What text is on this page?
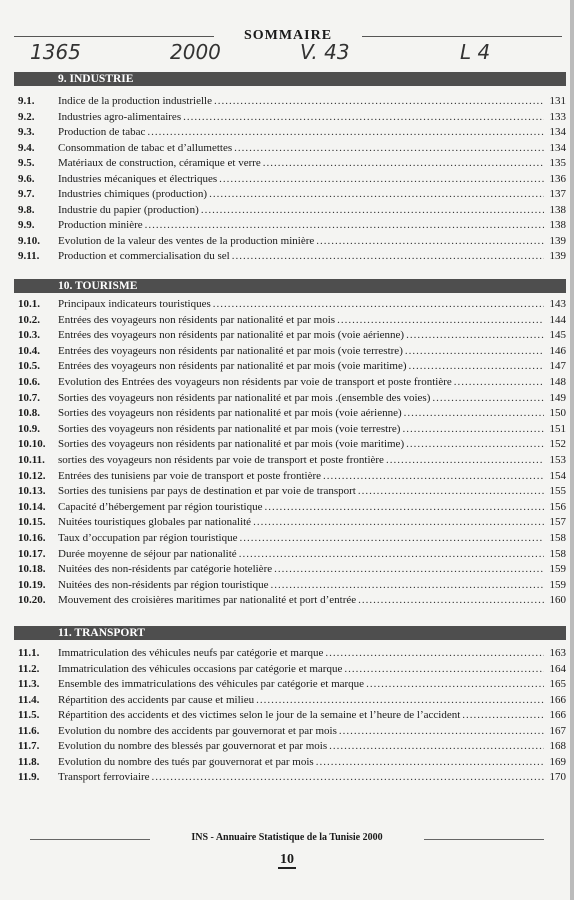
SOMMAIRE
1365	2000	V. 43	L 4
9. INDUSTRIE
9.1. Indice de la production industrielle .....	131
9.2. Industries agro-alimentaires .....	133
9.3. Production de tabac .....	134
9.4. Consommation de tabac et d’allumettes .....	134
9.5. Matériaux de construction, céramique et verre .....	135
9.6. Industries mécaniques et électriques .....	136
9.7. Industries chimiques (production) .....	137
9.8. Industrie du papier (production) .....	138
9.9. Production minière .....	138
9.10. Evolution de la valeur des ventes de la production minière .....	139
9.11. Production et commercialisation du sel .....	139
10. TOURISME
10.1. Principaux indicateurs touristiques .....	143
10.2. Entrées des voyageurs non résidents par nationalité et par mois .....	144
10.3. Entrées des voyageurs non résidents par nationalité et par mois (voie aérienne) .....	145
10.4. Entrées des voyageurs non résidents par nationalité et par mois (voie terrestre) .....	146
10.5. Entrées des voyageurs non résidents par nationalité et par mois (voie maritime) .....	147
10.6. Evolution des Entrées des voyageurs non résidents par voie de transport et poste frontière .....	148
10.7. Sorties des voyageurs non résidents par nationalité et par mois .(ensemble des voies) .....	149
10.8. Sorties des voyageurs non résidents par nationalité et par mois (voie aérienne) .....	150
10.9. Sorties des voyageurs non résidents par nationalité et par mois (voie terrestre) .....	151
10.10. Sorties des voyageurs non résidents par nationalité et par mois (voie maritime) .....	152
10.11. sorties des voyageurs non résidents par voie de transport et poste frontière .....	153
10.12. Entrées des tunisiens par voie de transport et poste frontière .....	154
10.13. Sorties des tunisiens par pays de destination et par voie de transport .....	155
10.14. Capacité d’hébergement par région touristique .....	156
10.15. Nuitées touristiques globales par nationalité .....	157
10.16. Taux d’occupation par région touristique .....	158
10.17. Durée moyenne de séjour par nationalité .....	158
10.18. Nuitées des non-résidents par catégorie hotelière .....	159
10.19. Nuitées des non-résidents par région touristique .....	159
10.20. Mouvement des croisières maritimes par nationalité et port d’entrée .....	160
11. TRANSPORT
11.1. Immatriculation des véhicules neufs par catégorie et marque .....	163
11.2. Immatriculation des véhicules occasions par catégorie et marque .....	164
11.3. Ensemble des immatriculations des véhicules par catégorie et marque .....	165
11.4. Répartition des accidents par cause et milieu .....	166
11.5. Répartition des accidents et des victimes selon le jour de la semaine et l’heure de l’accident .....	166
11.6. Evolution du nombre des accidents par gouvernorat et par mois .....	167
11.7. Evolution du nombre des blessés par gouvernorat et par mois .....	168
11.8. Evolution du nombre des tués par gouvernorat et par mois .....	169
11.9. Transport ferroviaire .....	170
INS - Annuaire Statistique de la Tunisie 2000
10
